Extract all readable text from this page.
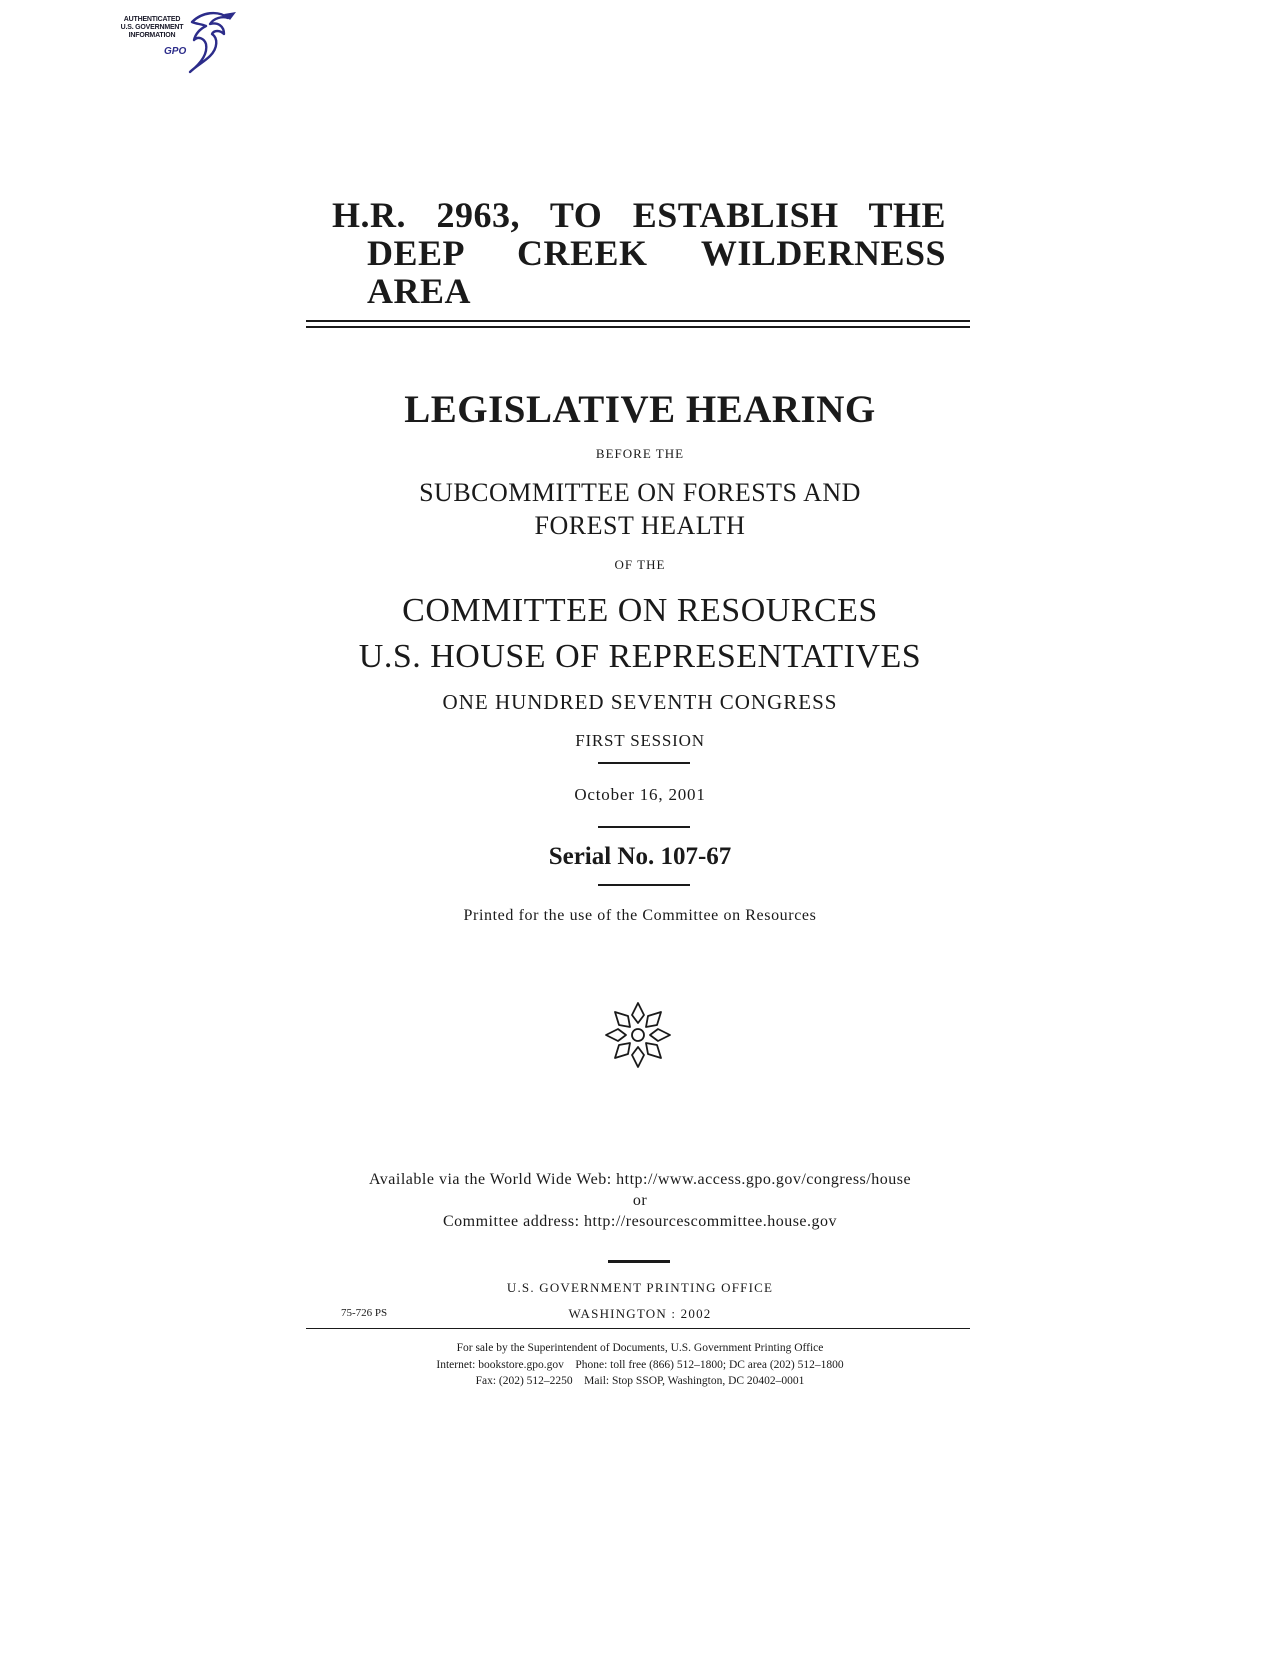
AUTHENTICATED
U.S. GOVERNMENT
INFORMATION
GPO
H.R. 2963, TO ESTABLISH THE
DEEP CREEK WILDERNESS
AREA
LEGISLATIVE HEARING
BEFORE THE
SUBCOMMITTEE ON FORESTS AND
FOREST HEALTH
OF THE
COMMITTEE ON RESOURCES
U.S. HOUSE OF REPRESENTATIVES
ONE HUNDRED SEVENTH CONGRESS
FIRST SESSION
October 16, 2001
Serial No. 107-67
Printed for the use of the Committee on Resources
Available via the World Wide Web: http://www.access.gpo.gov/congress/house
or
Committee address: http://resourcescommittee.house.gov
U.S. GOVERNMENT PRINTING OFFICE
75-726 PS	WASHINGTON : 2002
For sale by the Superintendent of Documents, U.S. Government Printing Office
Internet: bookstore.gpo.gov    Phone: toll free (866) 512–1800; DC area (202) 512–1800
Fax: (202) 512–2250    Mail: Stop SSOP, Washington, DC 20402–0001
